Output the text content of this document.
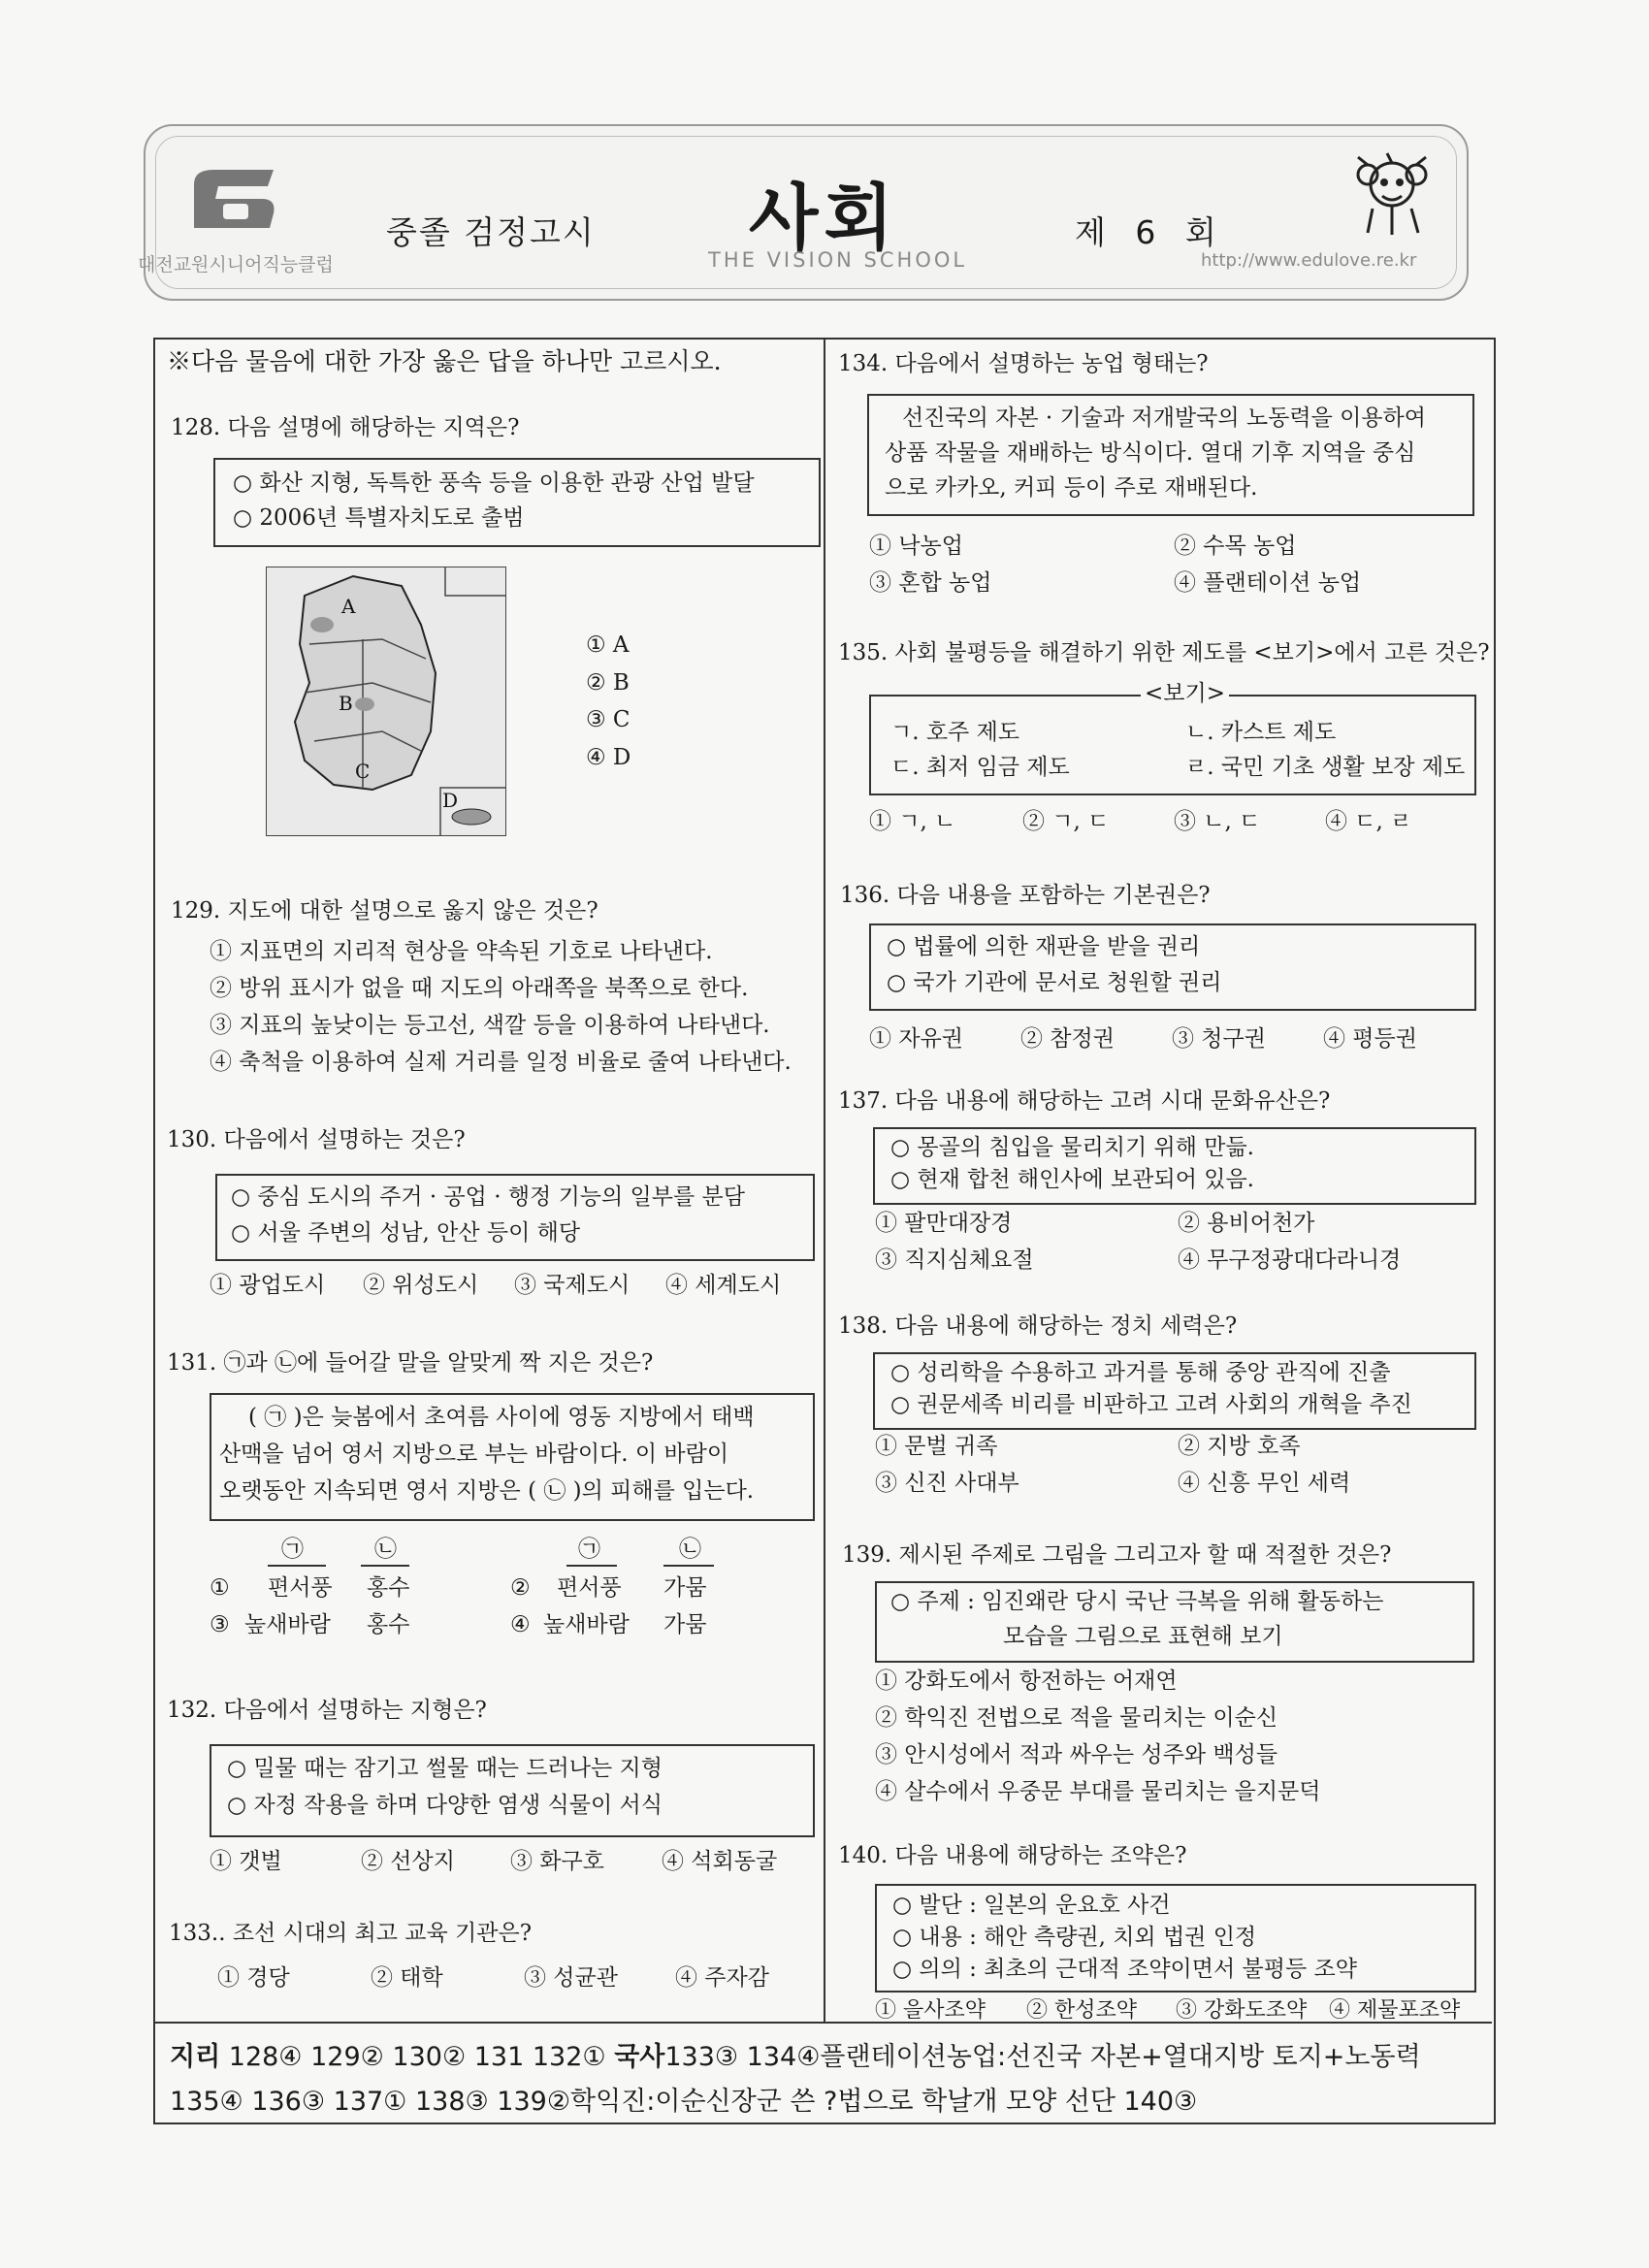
대전교원시니어직능클럽
중졸 검정고시 사회
THE VISION SCHOOL
제 6 회
http://www.edulove.re.kr
※다음 물음에 대한 가장 옳은 답을 하나만 고르시오.
128. 다음 설명에 해당하는 지역은?
○ 화산 지형, 독특한 풍속 등을 이용한 관광 산업 발달
○ 2006년 특별자치도로 출범
A
B
C
D
① A
② B
③ C
④ D
129. 지도에 대한 설명으로 옳지 않은 것은?
① 지표면의 지리적 현상을 약속된 기호로 나타낸다.
② 방위 표시가 없을 때 지도의 아래쪽을 북쪽으로 한다.
③ 지표의 높낮이는 등고선, 색깔 등을 이용하여 나타낸다.
④ 축척을 이용하여 실제 거리를 일정 비율로 줄여 나타낸다.
130. 다음에서 설명하는 것은?
○ 중심 도시의 주거 · 공업 · 행정 기능의 일부를 분담
○ 서울 주변의 성남, 안산 등이 해당
① 광업도시 ② 위성도시 ③ 국제도시 ④ 세계도시
131. ㉠과 ㉡에 들어갈 말을 알맞게 짝 지은 것은?
( ㉠ )은 늦봄에서 초여름 사이에 영동 지방에서 태백
산맥을 넘어 영서 지방으로 부는 바람이다. 이 바람이
오랫동안 지속되면 영서 지방은 ( ㉡ )의 피해를 입는다.
㉠	㉡	㉠	㉡
① 편서풍 홍수	② 편서풍 가뭄
③ 높새바람 홍수	④ 높새바람 가뭄
132. 다음에서 설명하는 지형은?
○ 밀물 때는 잠기고 썰물 때는 드러나는 지형
○ 자정 작용을 하며 다양한 염생 식물이 서식
① 갯벌	② 선상지 ③ 화구호	④ 석회동굴
133.. 조선 시대의 최고 교육 기관은?
① 경당	② 태학	③ 성균관	④ 주자감
134. 다음에서 설명하는 농업 형태는?
선진국의 자본 · 기술과 저개발국의 노동력을 이용하여
상품 작물을 재배하는 방식이다. 열대 기후 지역을 중심
으로 카카오, 커피 등이 주로 재배된다.
① 낙농업	② 수목 농업
③ 혼합 농업	④ 플랜테이션 농업
135. 사회 불평등을 해결하기 위한 제도를 <보기>에서 고른 것은?
<보기>
ㄱ. 호주 제도	ㄴ. 카스트 제도
ㄷ. 최저 임금 제도	ㄹ. 국민 기초 생활 보장 제도
① ㄱ, ㄴ	② ㄱ, ㄷ	③ ㄴ, ㄷ	④ ㄷ, ㄹ
136. 다음 내용을 포함하는 기본권은?
○ 법률에 의한 재판을 받을 권리
○ 국가 기관에 문서로 청원할 권리
① 자유권	② 참정권	③ 청구권	④ 평등권
137. 다음 내용에 해당하는 고려 시대 문화유산은?
○ 몽골의 침입을 물리치기 위해 만듦.
○ 현재 합천 해인사에 보관되어 있음.
① 팔만대장경	② 용비어천가
③ 직지심체요절	④ 무구정광대다라니경
138. 다음 내용에 해당하는 정치 세력은?
○ 성리학을 수용하고 과거를 통해 중앙 관직에 진출
○ 권문세족 비리를 비판하고 고려 사회의 개혁을 추진
① 문벌 귀족	② 지방 호족
③ 신진 사대부	④ 신흥 무인 세력
139. 제시된 주제로 그림을 그리고자 할 때 적절한 것은?
○ 주제 : 임진왜란 당시 국난 극복을 위해 활동하는
모습을 그림으로 표현해 보기
① 강화도에서 항전하는 어재연
② 학익진 전법으로 적을 물리치는 이순신
③ 안시성에서 적과 싸우는 성주와 백성들
④ 살수에서 우중문 부대를 물리치는 을지문덕
140. 다음 내용에 해당하는 조약은?
○ 발단 : 일본의 운요호 사건
○ 내용 : 해안 측량권, 치외 법권 인정
○ 의의 : 최초의 근대적 조약이면서 불평등 조약
① 을사조약 ② 한성조약 ③ 강화도조약 ④ 제물포조약
지리 128④ 129② 130② 131 132① 국사133③ 134④플랜테이션농업:선진국 자본+열대지방 토지+노동력
135④ 136③ 137① 138③ 139②학익진:이순신장군 쓴 ?법으로 학날개 모양 선단 140③
